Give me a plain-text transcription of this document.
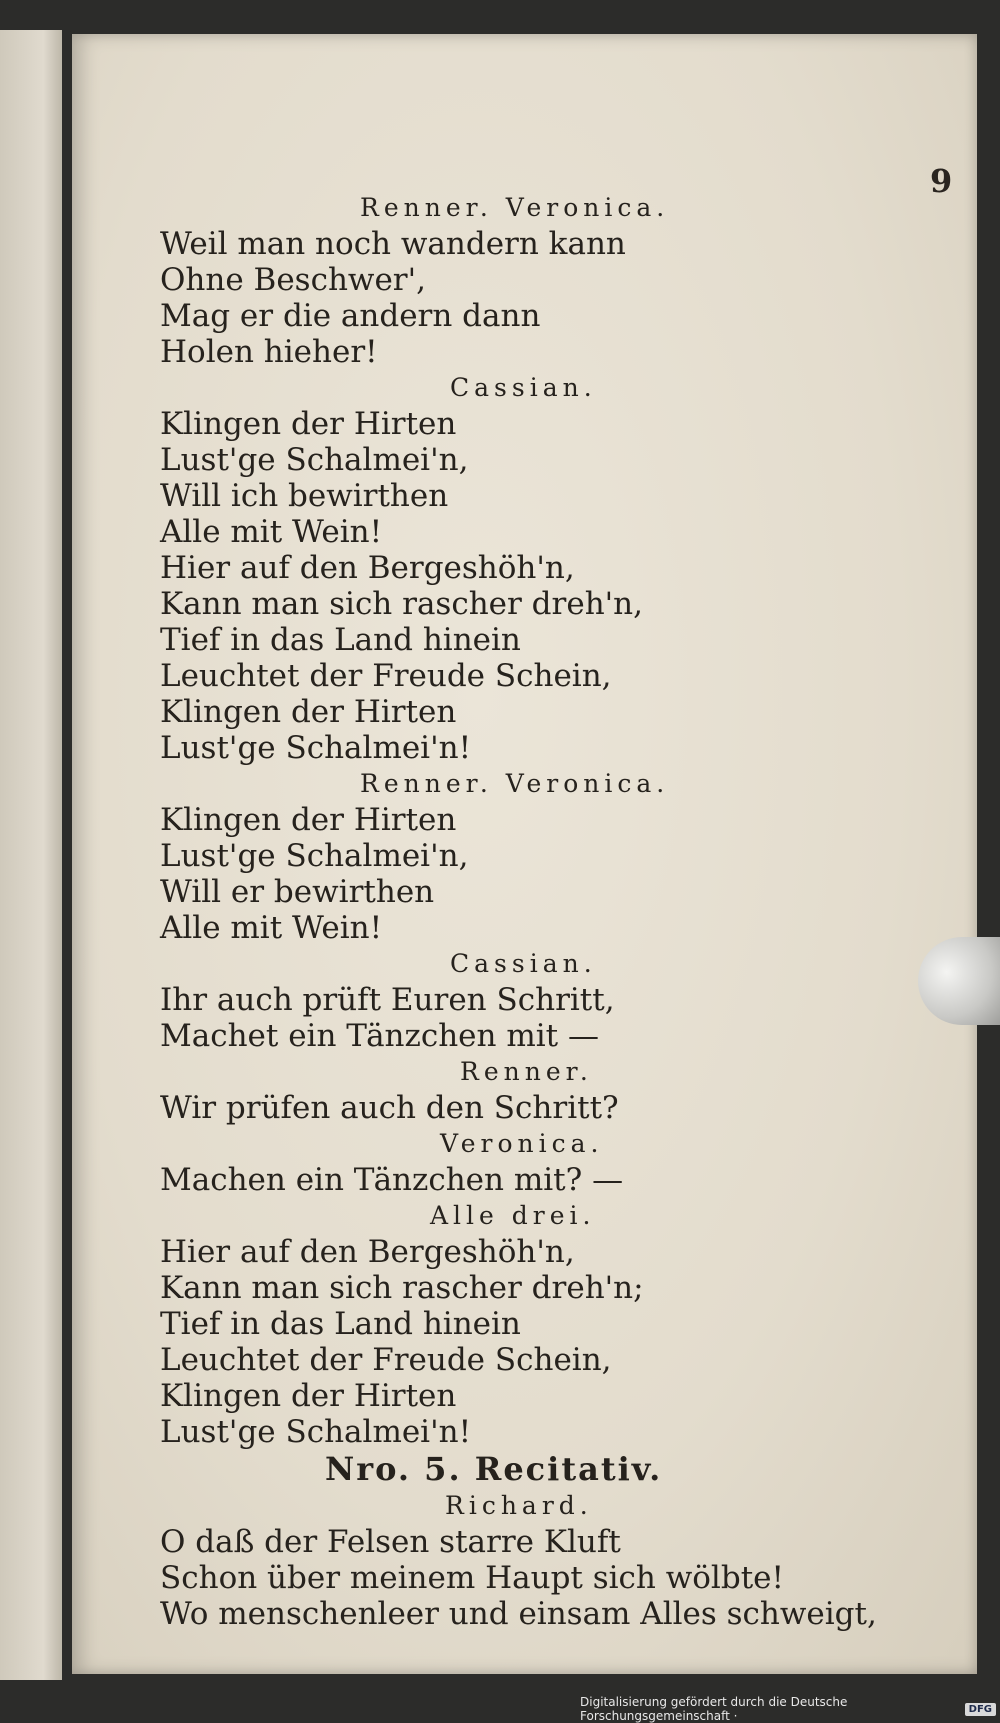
9
Renner. Veronica.
Weil man noch wandern kann
Ohne Beschwer',
Mag er die andern dann
Holen hieher!
Cassian.
Klingen der Hirten
Lust'ge Schalmei'n,
Will ich bewirthen
Alle mit Wein!
Hier auf den Bergeshöh'n,
Kann man sich rascher dreh'n,
Tief in das Land hinein
Leuchtet der Freude Schein,
Klingen der Hirten
Lust'ge Schalmei'n!
Renner. Veronica.
Klingen der Hirten
Lust'ge Schalmei'n,
Will er bewirthen
Alle mit Wein!
Cassian.
Ihr auch prüft Euren Schritt,
Machet ein Tänzchen mit —
Renner.
Wir prüfen auch den Schritt?
Veronica.
Machen ein Tänzchen mit? —
Alle drei.
Hier auf den Bergeshöh'n,
Kann man sich rascher dreh'n;
Tief in das Land hinein
Leuchtet der Freude Schein,
Klingen der Hirten
Lust'ge Schalmei'n!
Nro. 5. Recitativ.
Richard.
O daß der Felsen starre Kluft
Schon über meinem Haupt sich wölbte!
Wo menschenleer und einsam Alles schweigt,
Digitalisierung gefördert durch die Deutsche Forschungsgemeinschaft ·	DFG
